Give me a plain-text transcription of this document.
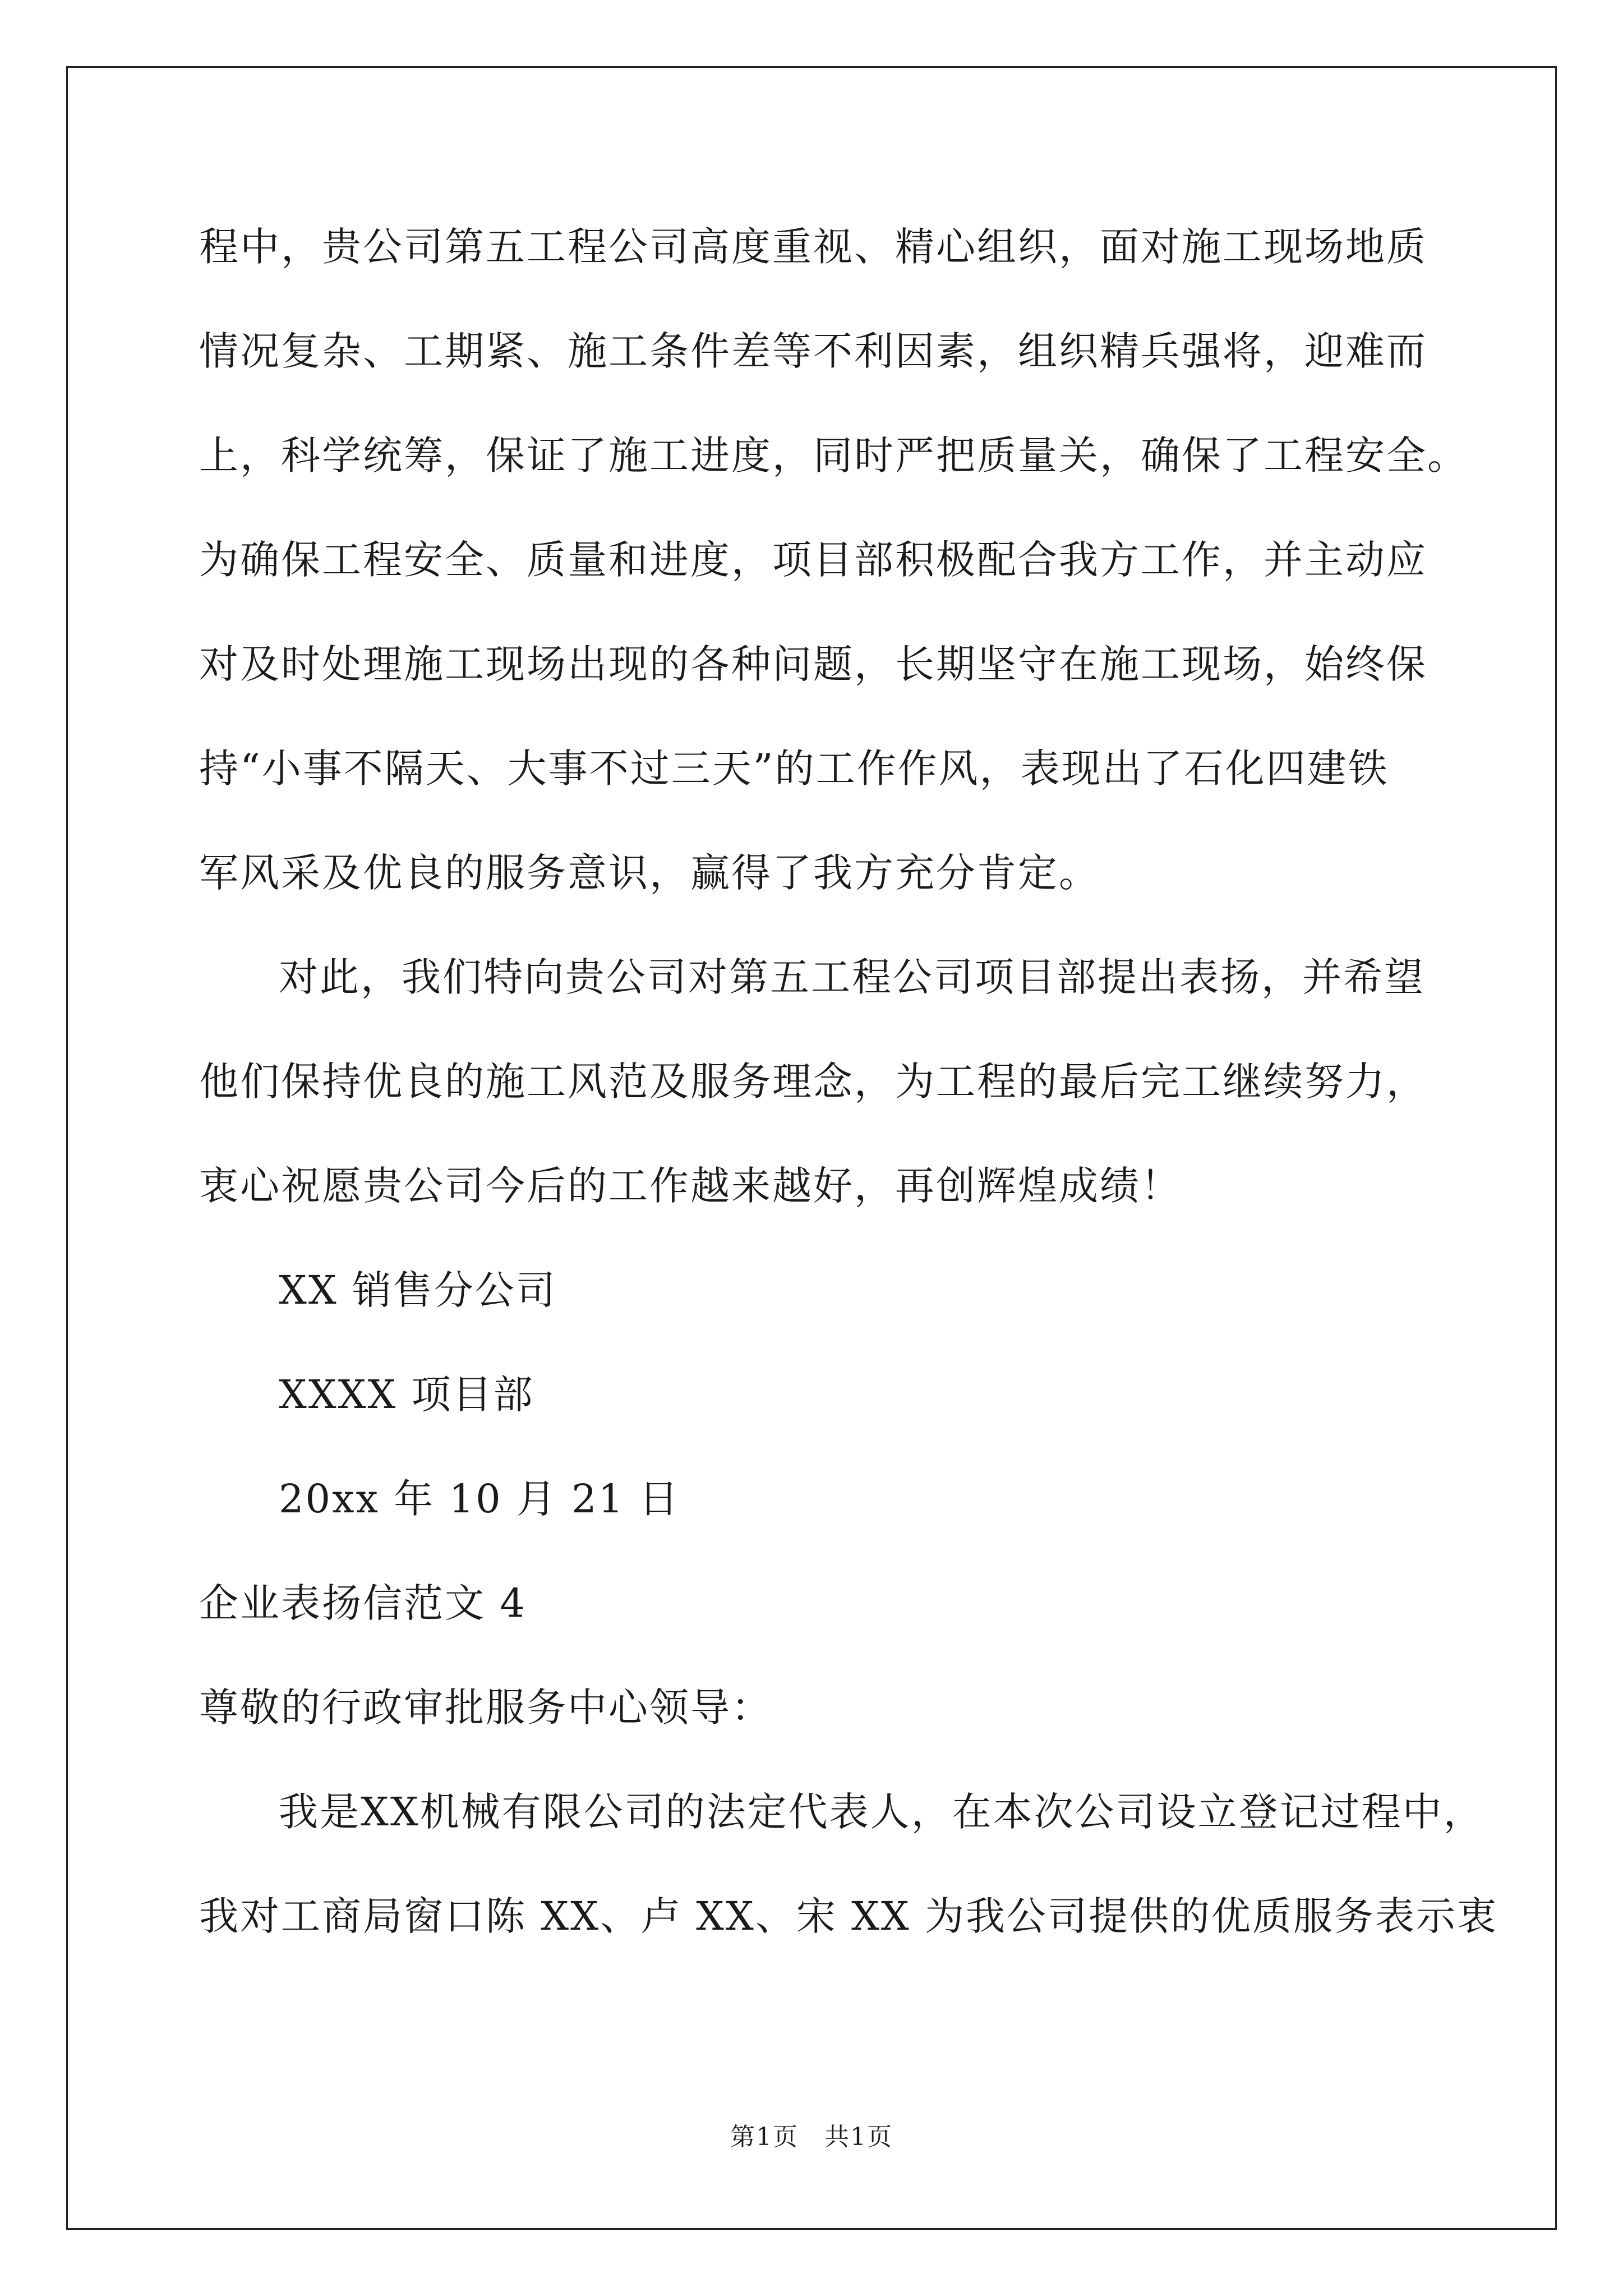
程中，贵公司第五工程公司高度重视、精心组织，面对施工现场地质
情况复杂、工期紧、施工条件差等不利因素，组织精兵强将，迎难而
上，科学统筹，保证了施工进度，同时严把质量关，确保了工程安全。
为确保工程安全、质量和进度，项目部积极配合我方工作，并主动应
对及时处理施工现场出现的各种问题，长期坚守在施工现场，始终保
持“小事不隔天、大事不过三天”的工作作风，表现出了石化四建铁
军风采及优良的服务意识，赢得了我方充分肯定。
对此，我们特向贵公司对第五工程公司项目部提出表扬，并希望
他们保持优良的施工风范及服务理念，为工程的最后完工继续努力，
衷心祝愿贵公司今后的工作越来越好，再创辉煌成绩！
XX 销售分公司
XXXX 项目部
20xx 年 10 月 21 日
企业表扬信范文 4
尊敬的行政审批服务中心领导：
我是XX机械有限公司的法定代表人，在本次公司设立登记过程中，
我对工商局窗口陈 XX、卢 XX、宋 XX 为我公司提供的优质服务表示衷
第1页　共1页
